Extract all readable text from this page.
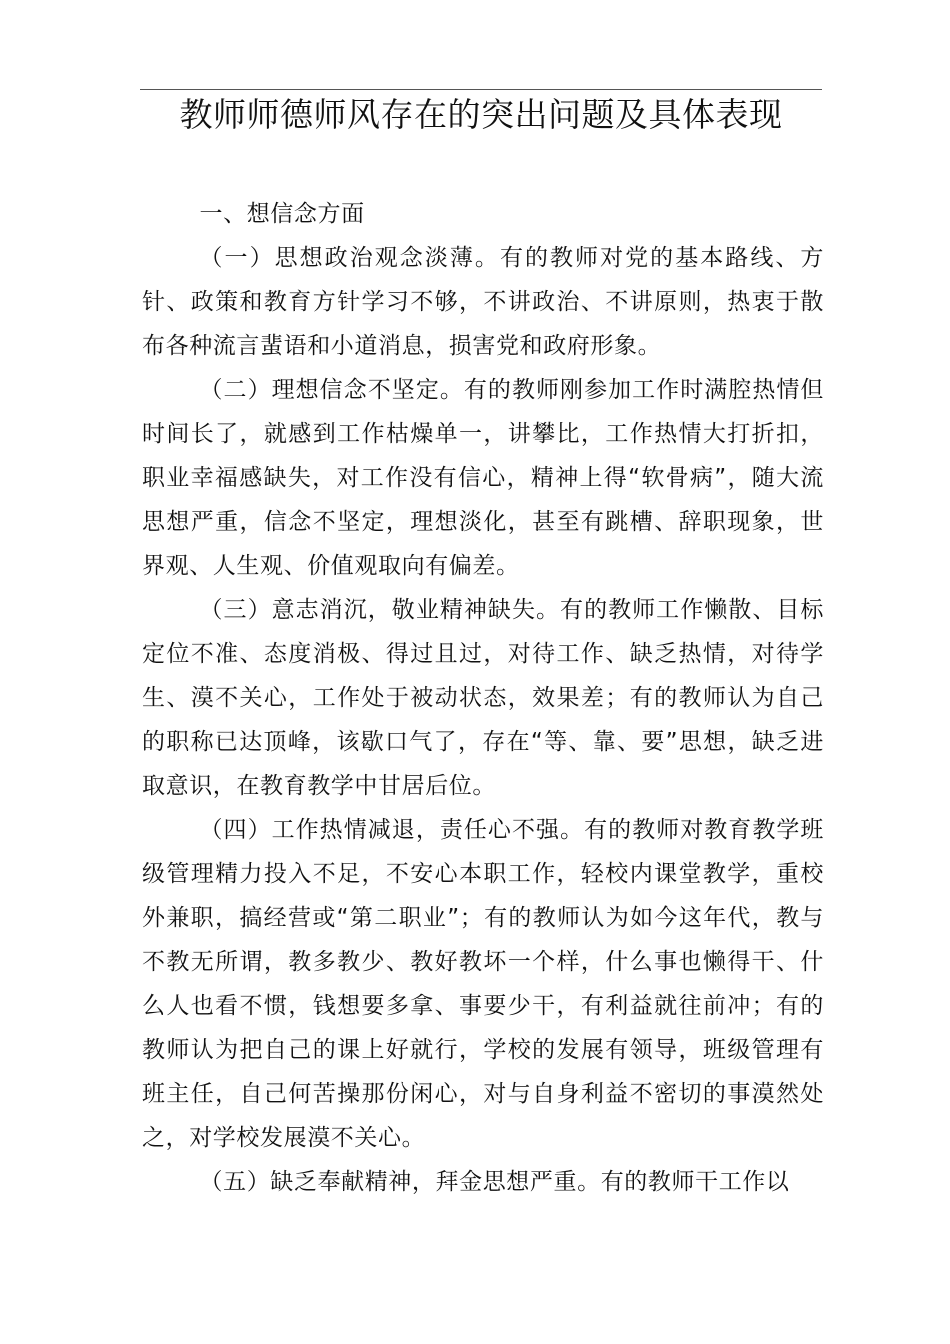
教师师德师风存在的突出问题及具体表现

一、想信念方面

（一）思想政治观念淡薄。有的教师对党的基本路线、方针、政策和教育方针学习不够，不讲政治、不讲原则，热衷于散布各种流言蜚语和小道消息，损害党和政府形象。

（二）理想信念不坚定。有的教师刚参加工作时满腔热情但时间长了，就感到工作枯燥单一，讲攀比，工作热情大打折扣，职业幸福感缺失，对工作没有信心，精神上得“软骨病”，随大流思想严重，信念不坚定，理想淡化，甚至有跳槽、辞职现象，世界观、人生观、价值观取向有偏差。

（三）意志消沉，敬业精神缺失。有的教师工作懒散、目标定位不准、态度消极、得过且过，对待工作、缺乏热情，对待学生、漠不关心，工作处于被动状态，效果差；有的教师认为自己的职称已达顶峰，该歇口气了，存在“等、靠、要”思想，缺乏进取意识，在教育教学中甘居后位。

（四）工作热情减退，责任心不强。有的教师对教育教学班级管理精力投入不足，不安心本职工作，轻校内课堂教学，重校外兼职，搞经营或“第二职业”；有的教师认为如今这年代，教与不教无所谓，教多教少、教好教坏一个样，什么事也懒得干、什么人也看不惯，钱想要多拿、事要少干，有利益就往前冲；有的教师认为把自己的课上好就行，学校的发展有领导，班级管理有班主任，自己何苦操那份闲心，对与自身利益不密切的事漠然处之，对学校发展漠不关心。

（五）缺乏奉献精神，拜金思想严重。有的教师干工作以
